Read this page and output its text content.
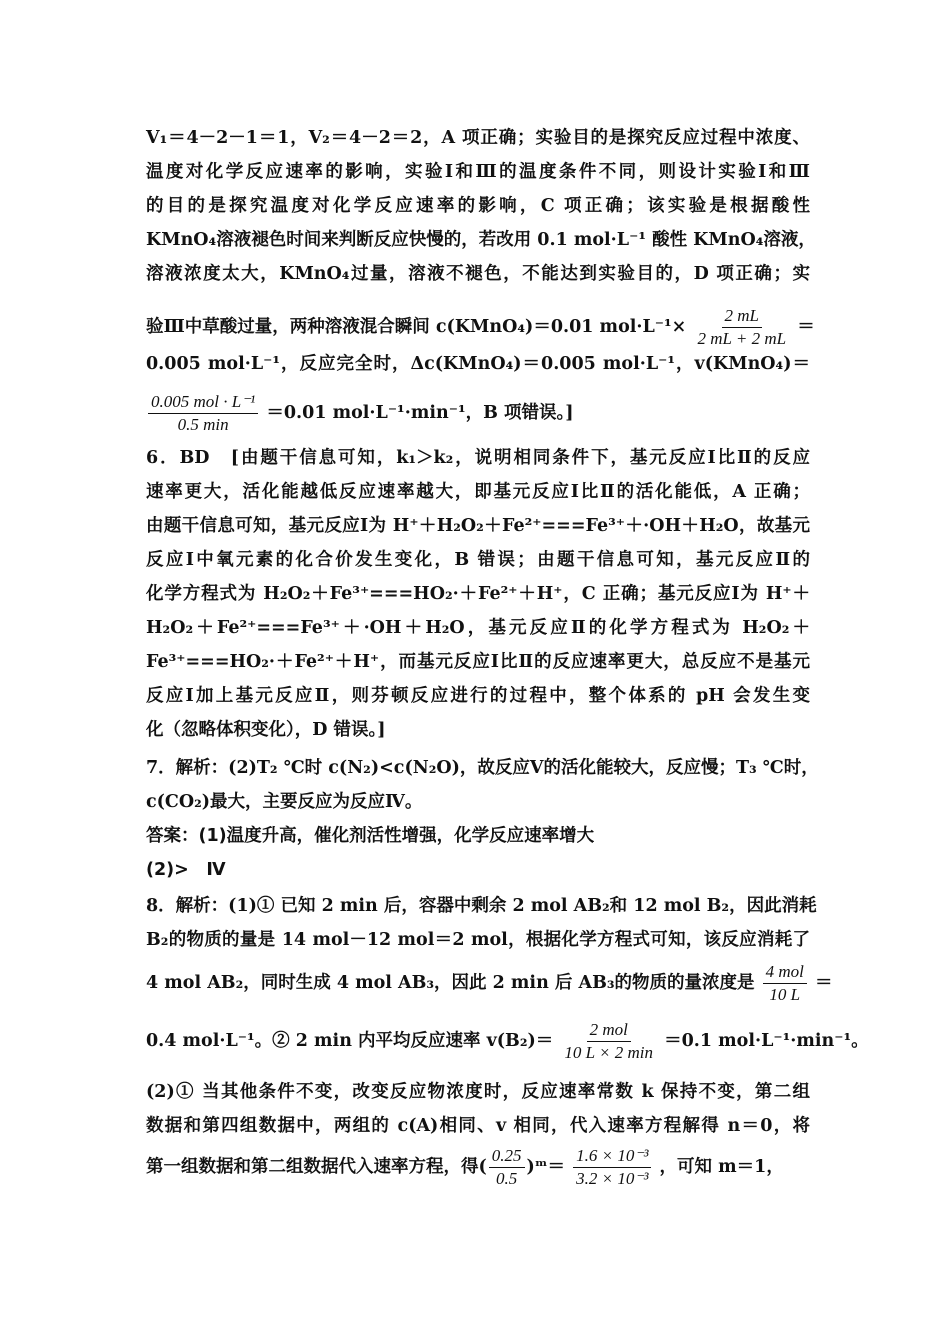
V₁＝4－2－1＝1，V₂＝4－2＝2，A 项正确；实验目的是探究反应过程中浓度、
温度对化学反应速率的影响，实验Ⅰ和Ⅲ的温度条件不同，则设计实验Ⅰ和Ⅲ
的目的是探究温度对化学反应速率的影响，C 项正确；该实验是根据酸性
KMnO₄溶液褪色时间来判断反应快慢的，若改用 0.1 mol·L⁻¹ 酸性 KMnO₄溶液，
溶液浓度太大，KMnO₄过量，溶液不褪色，不能达到实验目的，D 项正确；实
验Ⅲ中草酸过量，两种溶液混合瞬间 c(KMnO₄)＝0.01 $mol\cdot L^{-1}\times \frac{2 mL}{2 mL + 2 mL}$ ＝
0.005 mol·L⁻¹，反应完全时，Δc(KMnO₄)＝0.005 mol·L⁻¹，v(KMnO₄)＝
$\frac{\text{0.005 mol · L⁻¹}}{0.5 \min} =0.01$ mol·L⁻¹·min⁻¹，B 项错误。]
6．BD　[由题干信息可知，k₁＞k₂，说明相同条件下，基元反应Ⅰ比Ⅱ的反应
速率更大，活化能越低反应速率越大，即基元反应Ⅰ比Ⅱ的活化能低，A 正确；
由题干信息可知，基元反应Ⅰ为 H⁺＋H₂O₂＋Fe²⁺===Fe³⁺＋·OH＋H₂O，故基元
反应Ⅰ中氧元素的化合价发生变化，B 错误；由题干信息可知，基元反应Ⅱ的
化学方程式为 H₂O₂＋Fe³⁺===HO₂·＋Fe²⁺＋H⁺，C 正确；基元反应Ⅰ为 H⁺＋
H₂O₂＋Fe²⁺===Fe³⁺＋·OH＋H₂O，基元反应Ⅱ的化学方程式为 H₂O₂＋
Fe³⁺===HO₂·＋Fe²⁺＋H⁺，而基元反应Ⅰ比Ⅱ的反应速率更大，总反应不是基元
反应Ⅰ加上基元反应Ⅱ，则芬顿反应进行的过程中，整个体系的 pH 会发生变
化（忽略体积变化），D 错误。]
7．解析：(2)T₂ ℃时 c(N₂)<c(N₂O)，故反应Ⅴ的活化能较大，反应慢；T₃ ℃时，
c(CO₂)最大，主要反应为反应Ⅳ。
答案：(1)温度升高，催化剂活性增强，化学反应速率增大
(2)>　Ⅳ
8．解析：(1)① 已知 2 min 后，容器中剩余 2 mol AB₂和 12 mol B₂，因此消耗
B₂的物质的量是 14 mol－12 mol＝2 mol，根据化学方程式可知，该反应消耗了
4 mol AB₂，同时生成 4 mol AB₃，因此 2 min 后 AB₃的物质的量浓度是 $\frac{\text{4 mol}}{10 L}$ ＝
0.4 mol·L⁻¹。② 2 min 内平均反应速率 $v(B_2)= \frac{\text{2 mol}}{10 L \times 2 \min} =0.1$ mol·L⁻¹·min⁻¹。
(2)① 当其他条件不变，改变反应物浓度时，反应速率常数 k 保持不变，第二组
数据和第四组数据中，两组的 c(A)相同、v 相同，代入速率方程解得 n＝0，将
第一组数据和第二组数据代入速率方程，得( $\frac{0.25}{0.5}$ )ᵐ＝ $\frac{\text{1.6 × 10⁻³}}{\text{3.2 × 10⁻³}}$ ，可知 m＝1，
